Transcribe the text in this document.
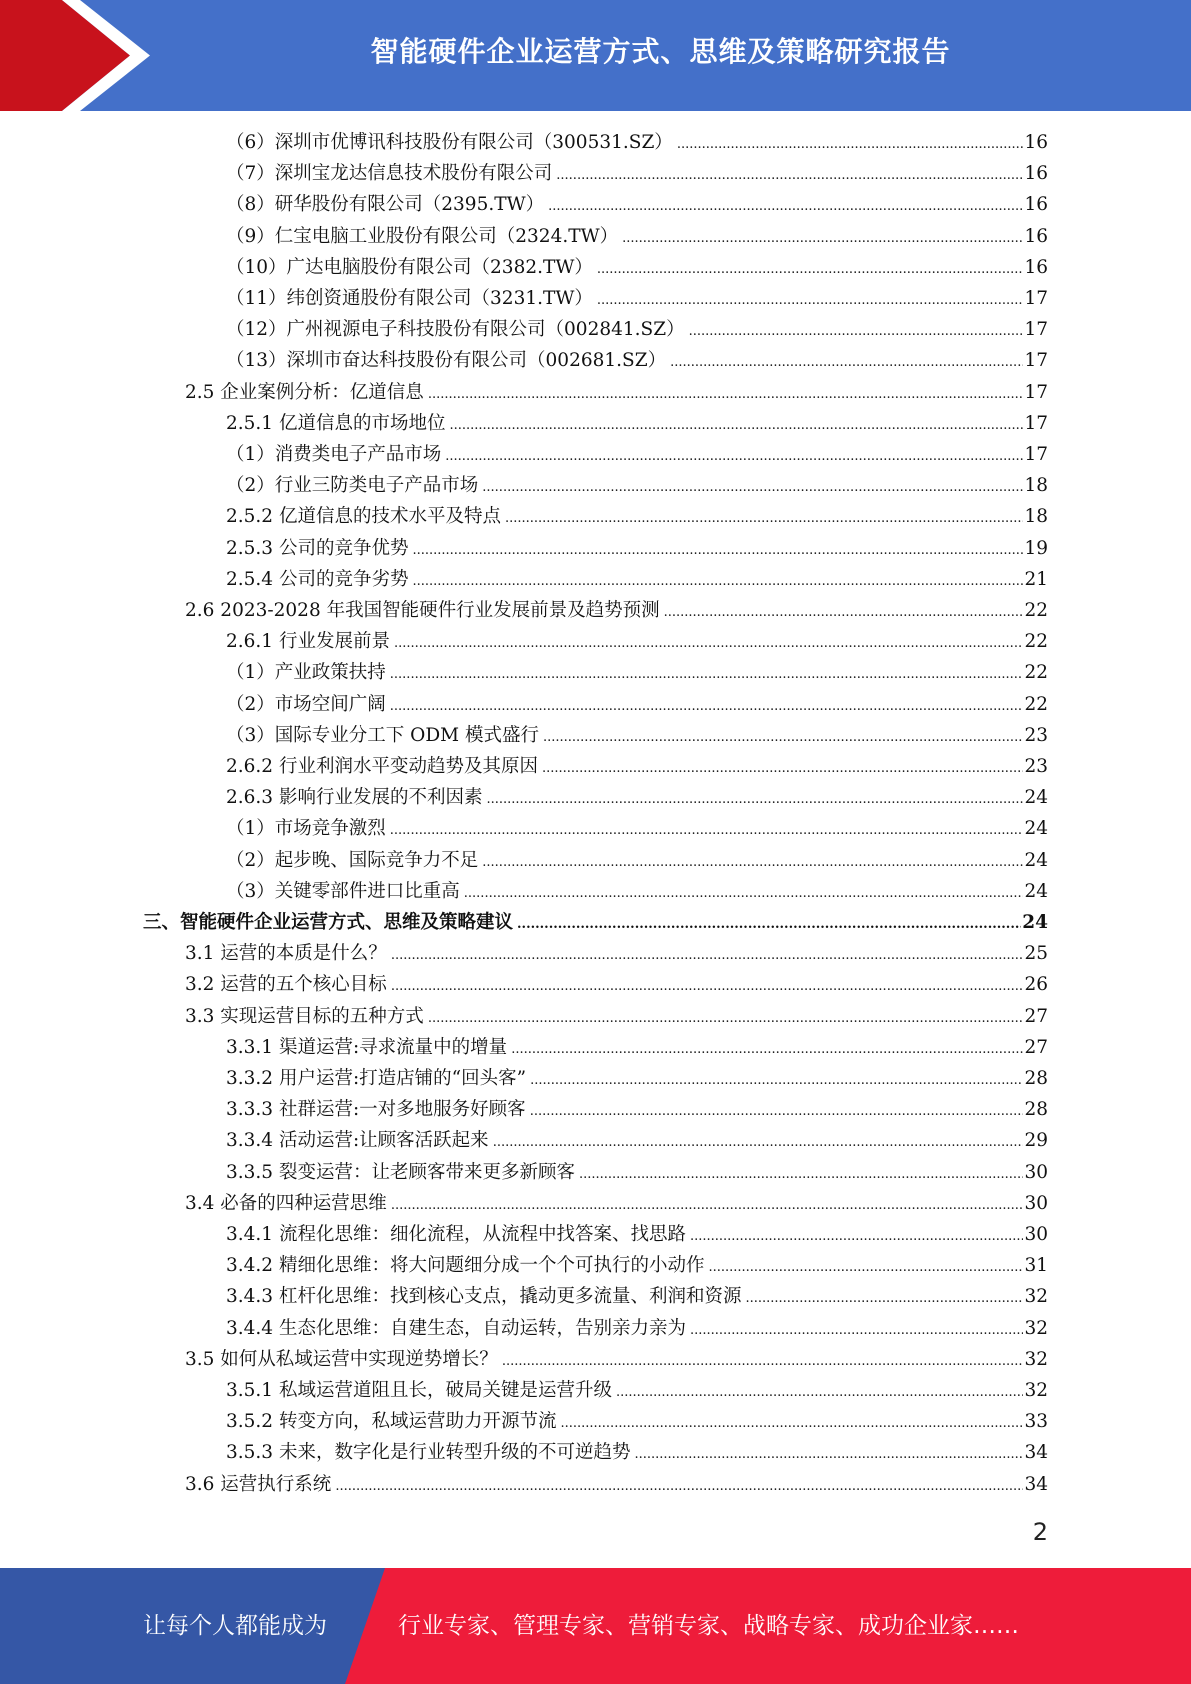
智能硬件企业运营方式、思维及策略研究报告
（6）深圳市优博讯科技股份有限公司（300531.SZ） .....	16
（7）深圳宝龙达信息技术股份有限公司 .....	16
（8）研华股份有限公司（2395.TW） .....	16
（9）仁宝电脑工业股份有限公司（2324.TW） .....	16
（10）广达电脑股份有限公司（2382.TW） .....	16
（11）纬创资通股份有限公司（3231.TW） .....	17
（12）广州视源电子科技股份有限公司（002841.SZ） .....	17
（13）深圳市奋达科技股份有限公司（002681.SZ） .....	17
2.5 企业案例分析：亿道信息 .....	17
2.5.1 亿道信息的市场地位 .....	17
（1）消费类电子产品市场 .....	17
（2）行业三防类电子产品市场 .....	18
2.5.2 亿道信息的技术水平及特点 .....	18
2.5.3 公司的竞争优势 .....	19
2.5.4 公司的竞争劣势 .....	21
2.6 2023-2028 年我国智能硬件行业发展前景及趋势预测 .....	22
2.6.1 行业发展前景 .....	22
（1）产业政策扶持 .....	22
（2）市场空间广阔 .....	22
（3）国际专业分工下 ODM 模式盛行 .....	23
2.6.2 行业利润水平变动趋势及其原因 .....	23
2.6.3 影响行业发展的不利因素 .....	24
（1）市场竞争激烈 .....	24
（2）起步晚、国际竞争力不足 .....	24
（3）关键零部件进口比重高 .....	24
三、智能硬件企业运营方式、思维及策略建议 .....	24
3.1 运营的本质是什么？ .....	25
3.2 运营的五个核心目标 .....	26
3.3 实现运营目标的五种方式 .....	27
3.3.1 渠道运营:寻求流量中的增量 .....	27
3.3.2 用户运营:打造店铺的“回头客” .....	28
3.3.3 社群运营:一对多地服务好顾客 .....	28
3.3.4 活动运营:让顾客活跃起来 .....	29
3.3.5 裂变运营：让老顾客带来更多新顾客 .....	30
3.4 必备的四种运营思维 .....	30
3.4.1 流程化思维：细化流程，从流程中找答案、找思路 .....	30
3.4.2 精细化思维：将大问题细分成一个个可执行的小动作 .....	31
3.4.3 杠杆化思维：找到核心支点，撬动更多流量、利润和资源 .....	32
3.4.4 生态化思维：自建生态，自动运转，告别亲力亲为 .....	32
3.5 如何从私域运营中实现逆势增长？ .....	32
3.5.1 私域运营道阻且长，破局关键是运营升级 .....	32
3.5.2 转变方向，私域运营助力开源节流 .....	33
3.5.3 未来，数字化是行业转型升级的不可逆趋势 .....	34
3.6 运营执行系统 .....	34
2
让每个人都能成为	行业专家、管理专家、营销专家、战略专家、成功企业家……
